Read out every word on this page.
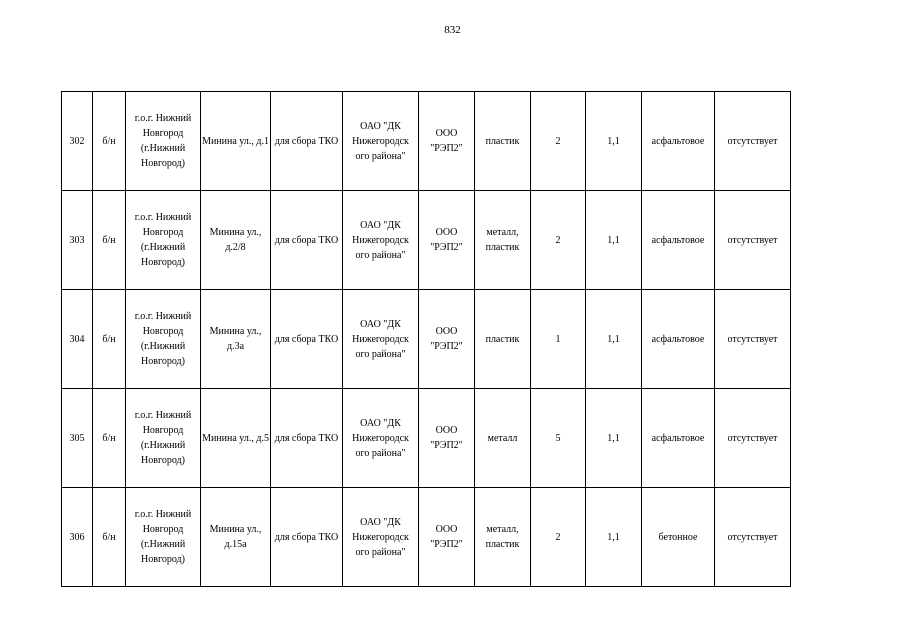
832
302	б/н	г.о.г. Нижний Новгород (г.Нижний Новгород)	Минина ул., д.1	для сбора ТКО	ОАО "ДК Нижегородск ого района"	ООО "РЭП2"	пластик	2	1,1	асфальтовое	отсутствует
303	б/н	г.о.г. Нижний Новгород (г.Нижний Новгород)	Минина ул., д.2/8	для сбора ТКО	ОАО "ДК Нижегородск ого района"	ООО "РЭП2"	металл, пластик	2	1,1	асфальтовое	отсутствует
304	б/н	г.о.г. Нижний Новгород (г.Нижний Новгород)	Минина ул., д.3а	для сбора ТКО	ОАО "ДК Нижегородск ого района"	ООО "РЭП2"	пластик	1	1,1	асфальтовое	отсутствует
305	б/н	г.о.г. Нижний Новгород (г.Нижний Новгород)	Минина ул., д.5	для сбора ТКО	ОАО "ДК Нижегородск ого района"	ООО "РЭП2"	металл	5	1,1	асфальтовое	отсутствует
306	б/н	г.о.г. Нижний Новгород (г.Нижний Новгород)	Минина ул., д.15а	для сбора ТКО	ОАО "ДК Нижегородск ого района"	ООО "РЭП2"	металл, пластик	2	1,1	бетонное	отсутствует
